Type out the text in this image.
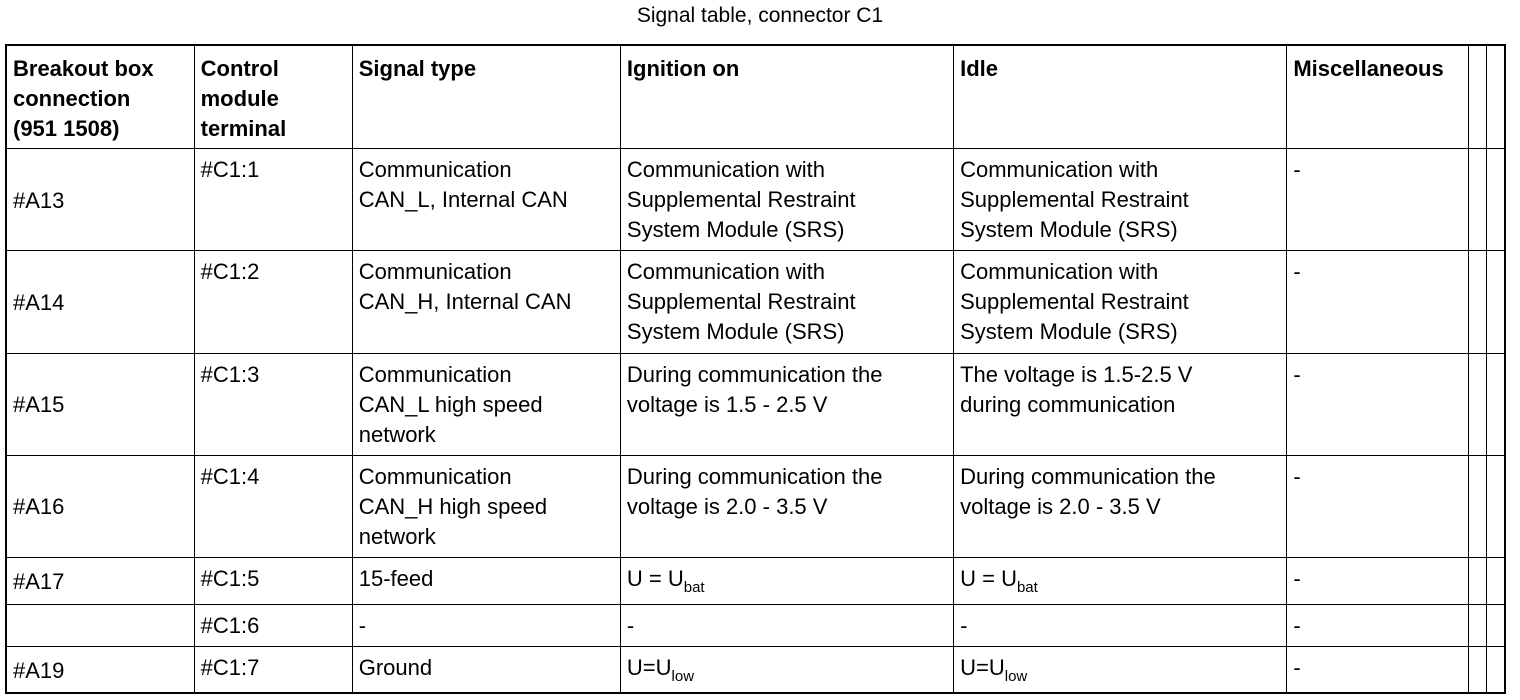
Signal table, connector C1
Breakout box
connection
(951 1508)	Control
module
terminal	Signal type	Ignition on	Idle	Miscellaneous		

#A13	#C1:1	Communication
CAN_L, Internal CAN	Communication with
Supplemental Restraint
System Module (SRS)	Communication with
Supplemental Restraint
System Module (SRS)	-		
#A14	#C1:2	Communication
CAN_H, Internal CAN	Communication with
Supplemental Restraint
System Module (SRS)	Communication with
Supplemental Restraint
System Module (SRS)	-		
#A15	#C1:3	Communication
CAN_L high speed
network	During communication the
voltage is 1.5 - 2.5 V	The voltage is 1.5-2.5 V
during communication	-		
#A16	#C1:4	Communication
CAN_H high speed
network	During communication the
voltage is 2.0 - 3.5 V	During communication the
voltage is 2.0 - 3.5 V	-		
#A17	#C1:5	15-feed	$U = U_{bat}$	$U = U_{bat}$	-		
	#C1:6	-	-	-	-		
#A19	#C1:7	Ground	$U=U_{low}$	$U=U_{low}$	-		
